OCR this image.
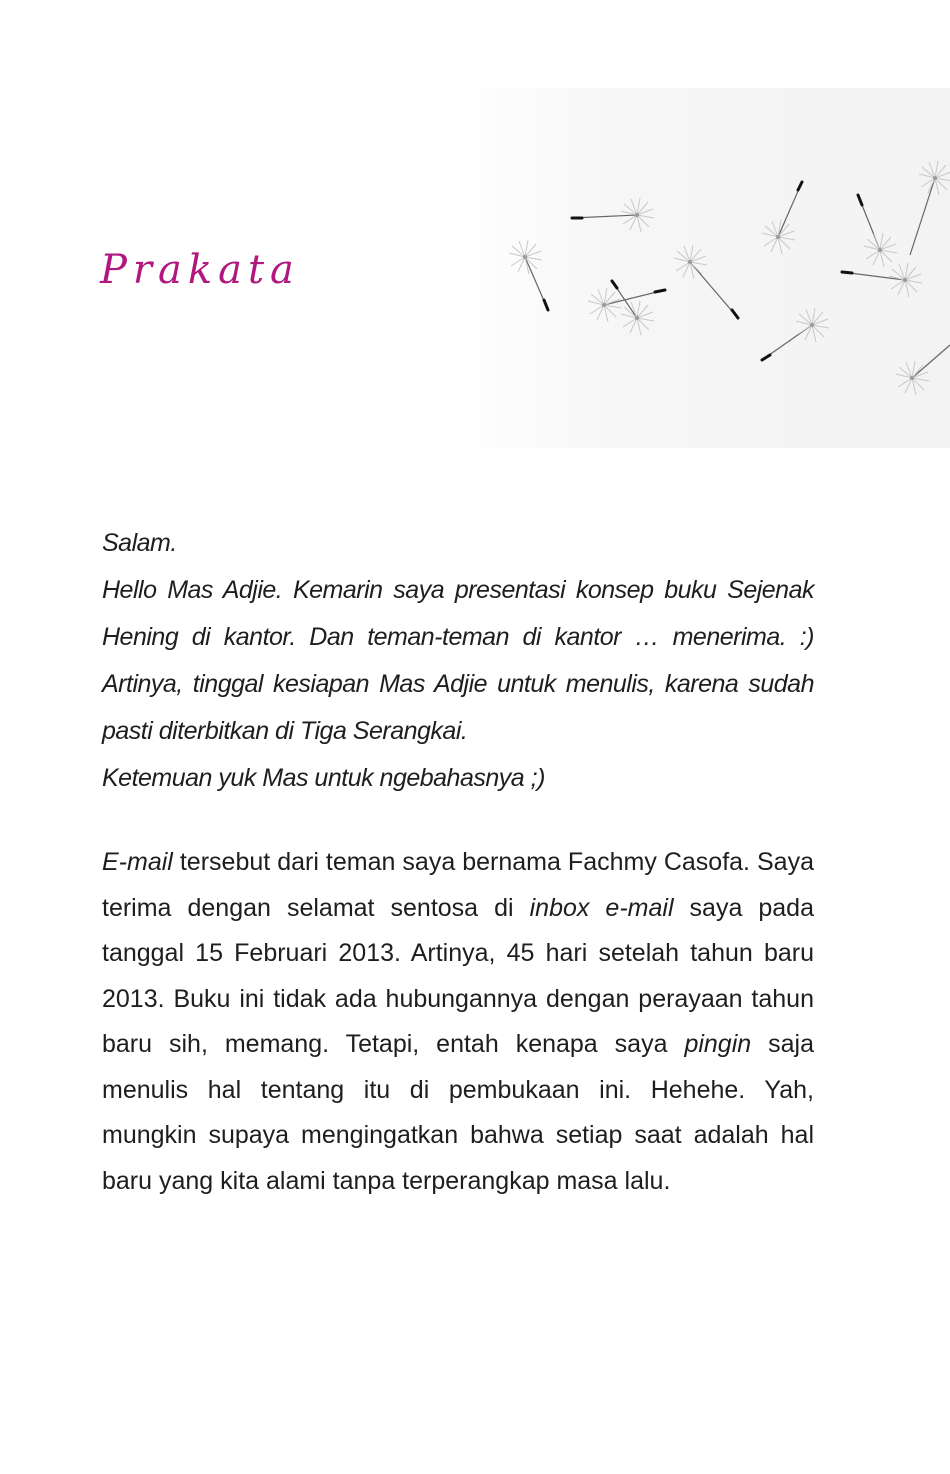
Prakata

Salam.

Hello Mas Adjie. Kemarin saya presentasi konsep buku Sejenak Hening di kantor. Dan teman-teman di kantor … menerima. :) Artinya, tinggal kesiapan Mas Adjie untuk menulis, karena sudah pasti diterbitkan di Tiga Serangkai.

Ketemuan yuk Mas untuk ngebahasnya ;)

E-mail tersebut dari teman saya bernama Fachmy Casofa. Saya terima dengan selamat sentosa di inbox e-mail saya pada tanggal 15 Februari 2013. Artinya, 45 hari setelah tahun baru 2013. Buku ini tidak ada hubungannya dengan perayaan tahun baru sih, memang. Tetapi, entah kenapa saya pingin saja menulis hal tentang itu di pembukaan ini. Hehehe. Yah, mungkin supaya mengingatkan bahwa setiap saat adalah hal baru yang kita alami tanpa terperangkap masa lalu.
